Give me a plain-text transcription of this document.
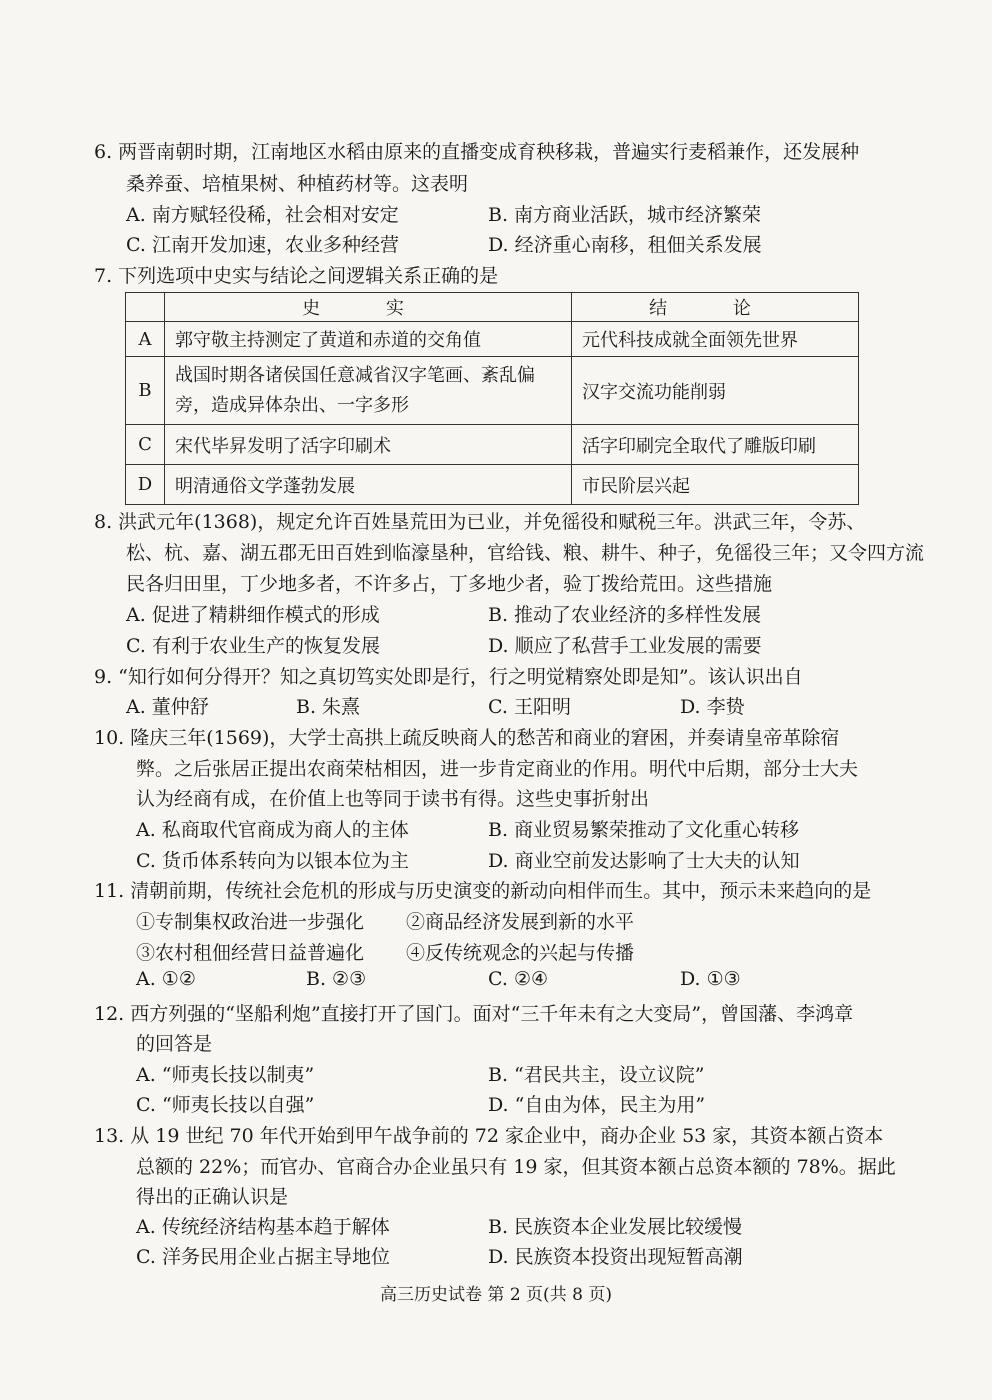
6. 两晋南朝时期，江南地区水稻由原来的直播变成育秧移栽，普遍实行麦稻兼作，还发展种
桑养蚕、培植果树、种植药材等。这表明
A. 南方赋轻役稀，社会相对安定	B. 南方商业活跃，城市经济繁荣
C. 江南开发加速，农业多种经营	D. 经济重心南移，租佃关系发展
7. 下列选项中史实与结论之间逻辑关系正确的是
	史 实	结 论
A	郭守敬主持测定了黄道和赤道的交角值	元代科技成就全面领先世界
B	战国时期各诸侯国任意减省汉字笔画、紊乱偏旁，造成异体杂出、一字多形	汉字交流功能削弱
C	宋代毕昇发明了活字印刷术	活字印刷完全取代了雕版印刷
D	明清通俗文学蓬勃发展	市民阶层兴起
8. 洪武元年(1368)，规定允许百姓垦荒田为已业，并免徭役和赋税三年。洪武三年，令苏、
松、杭、嘉、湖五郡无田百姓到临濠垦种，官给钱、粮、耕牛、种子，免徭役三年；又令四方流
民各归田里，丁少地多者，不许多占，丁多地少者，验丁拨给荒田。这些措施
A. 促进了精耕细作模式的形成	B. 推动了农业经济的多样性发展
C. 有利于农业生产的恢复发展	D. 顺应了私营手工业发展的需要
9. “知行如何分得开？知之真切笃实处即是行，行之明觉精察处即是知”。该认识出自
A. 董仲舒	B. 朱熹	C. 王阳明	D. 李贽
10. 隆庆三年(1569)，大学士高拱上疏反映商人的愁苦和商业的窘困，并奏请皇帝革除宿
弊。之后张居正提出农商荣枯相因，进一步肯定商业的作用。明代中后期，部分士大夫
认为经商有成，在价值上也等同于读书有得。这些史事折射出
A. 私商取代官商成为商人的主体	B. 商业贸易繁荣推动了文化重心转移
C. 货币体系转向为以银本位为主	D. 商业空前发达影响了士大夫的认知
11. 清朝前期，传统社会危机的形成与历史演变的新动向相伴而生。其中，预示未来趋向的是
①专制集权政治进一步强化 ②商品经济发展到新的水平
③农村租佃经营日益普遍化 ④反传统观念的兴起与传播
A. ①②	B. ②③	C. ②④	D. ①③
12. 西方列强的“坚船利炮”直接打开了国门。面对“三千年未有之大变局”，曾国藩、李鸿章
的回答是
A. “师夷长技以制夷”	B. “君民共主，设立议院”
C. “师夷长技以自强”	D. “自由为体，民主为用”
13. 从 19 世纪 70 年代开始到甲午战争前的 72 家企业中，商办企业 53 家，其资本额占资本
总额的 22%；而官办、官商合办企业虽只有 19 家，但其资本额占总资本额的 78%。据此
得出的正确认识是
A. 传统经济结构基本趋于解体	B. 民族资本企业发展比较缓慢
C. 洋务民用企业占据主导地位	D. 民族资本投资出现短暂高潮
高三历史试卷 第 2 页(共 8 页)
